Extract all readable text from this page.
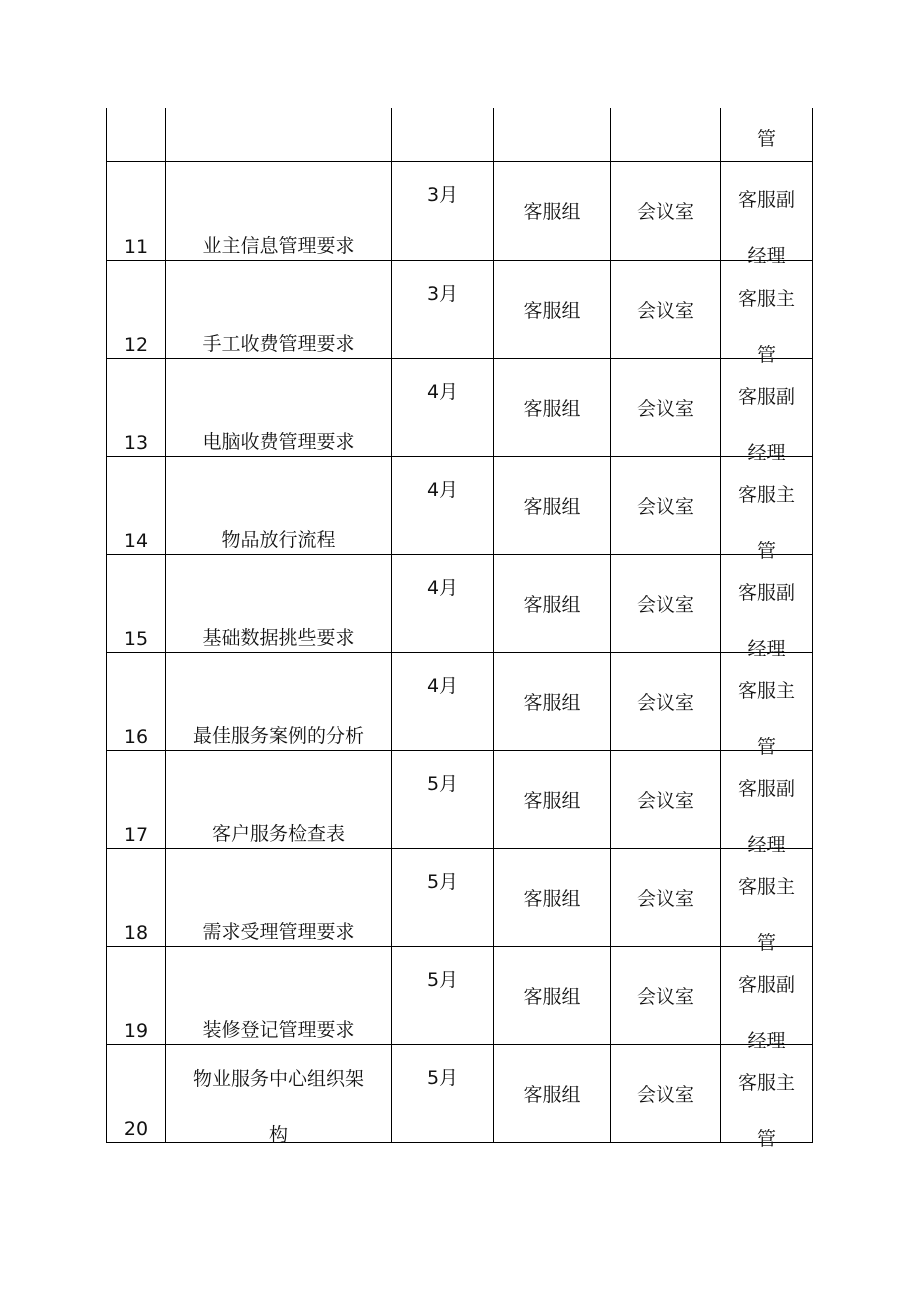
					管

11	业主信息管理要求	3月	客服组	会议室	客服副
经理

12	手工收费管理要求	3月	客服组	会议室	客服主
管

13	电脑收费管理要求	4月	客服组	会议室	客服副
经理

14	物品放行流程	4月	客服组	会议室	客服主
管

15	基础数据挑些要求	4月	客服组	会议室	客服副
经理

16	最佳服务案例的分析	4月	客服组	会议室	客服主
管

17	客户服务检查表	5月	客服组	会议室	客服副
经理

18	需求受理管理要求	5月	客服组	会议室	客服主
管

19	装修登记管理要求	5月	客服组	会议室	客服副
经理

20	物业服务中心组织架
构	5月	客服组	会议室	客服主
管
